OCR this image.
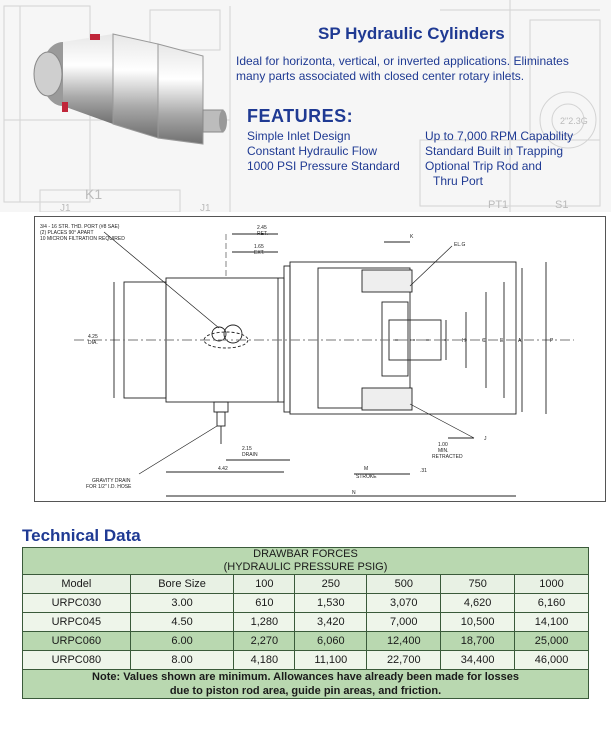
K1
J1	J1	PT1	S1
2"2.3G
SP Hydraulic Cylinders
Ideal for horizonta, vertical, or inverted applications. Eliminates many parts associated with closed center rotary inlets.
FEATURES:
Simple Inlet Design
Constant Hydraulic Flow
1000 PSI Pressure Standard
Up to 7,000 RPM Capability
Standard Built in Trapping
Optional Trip Rod and
Thru Port
3/4 - 16 STR. THD. PORT (#8 SAE)
(2) PLACES 90° APART
10 MICRON FILTRATION REQUIRED
2.45
RET.
1.65
EXT.
4.25
DIA.
2.15
DRAIN
4.42
GRAVITY DRAIN
FOR 1/2" I.D. HOSE
K
EL.G
H	C	E	A	P
J
1.00
MIN.
RETRACTED
M
STROKE
.31
N
Technical Data
DRAWBAR FORCES
(HYDRAULIC PRESSURE PSIG)						

Model	Bore Size	100	250	500	750	1000
URPC030	3.00	610	1,530	3,070	4,620	6,160
URPC045	4.50	1,280	3,420	7,000	10,500	14,100
URPC060	6.00	2,270	6,060	12,400	18,700	25,000
URPC080	8.00	4,180	11,100	22,700	34,400	46,000

Note: Values shown are minimum. Allowances have already been made for losses
due to piston rod area, guide pin areas, and friction.						
